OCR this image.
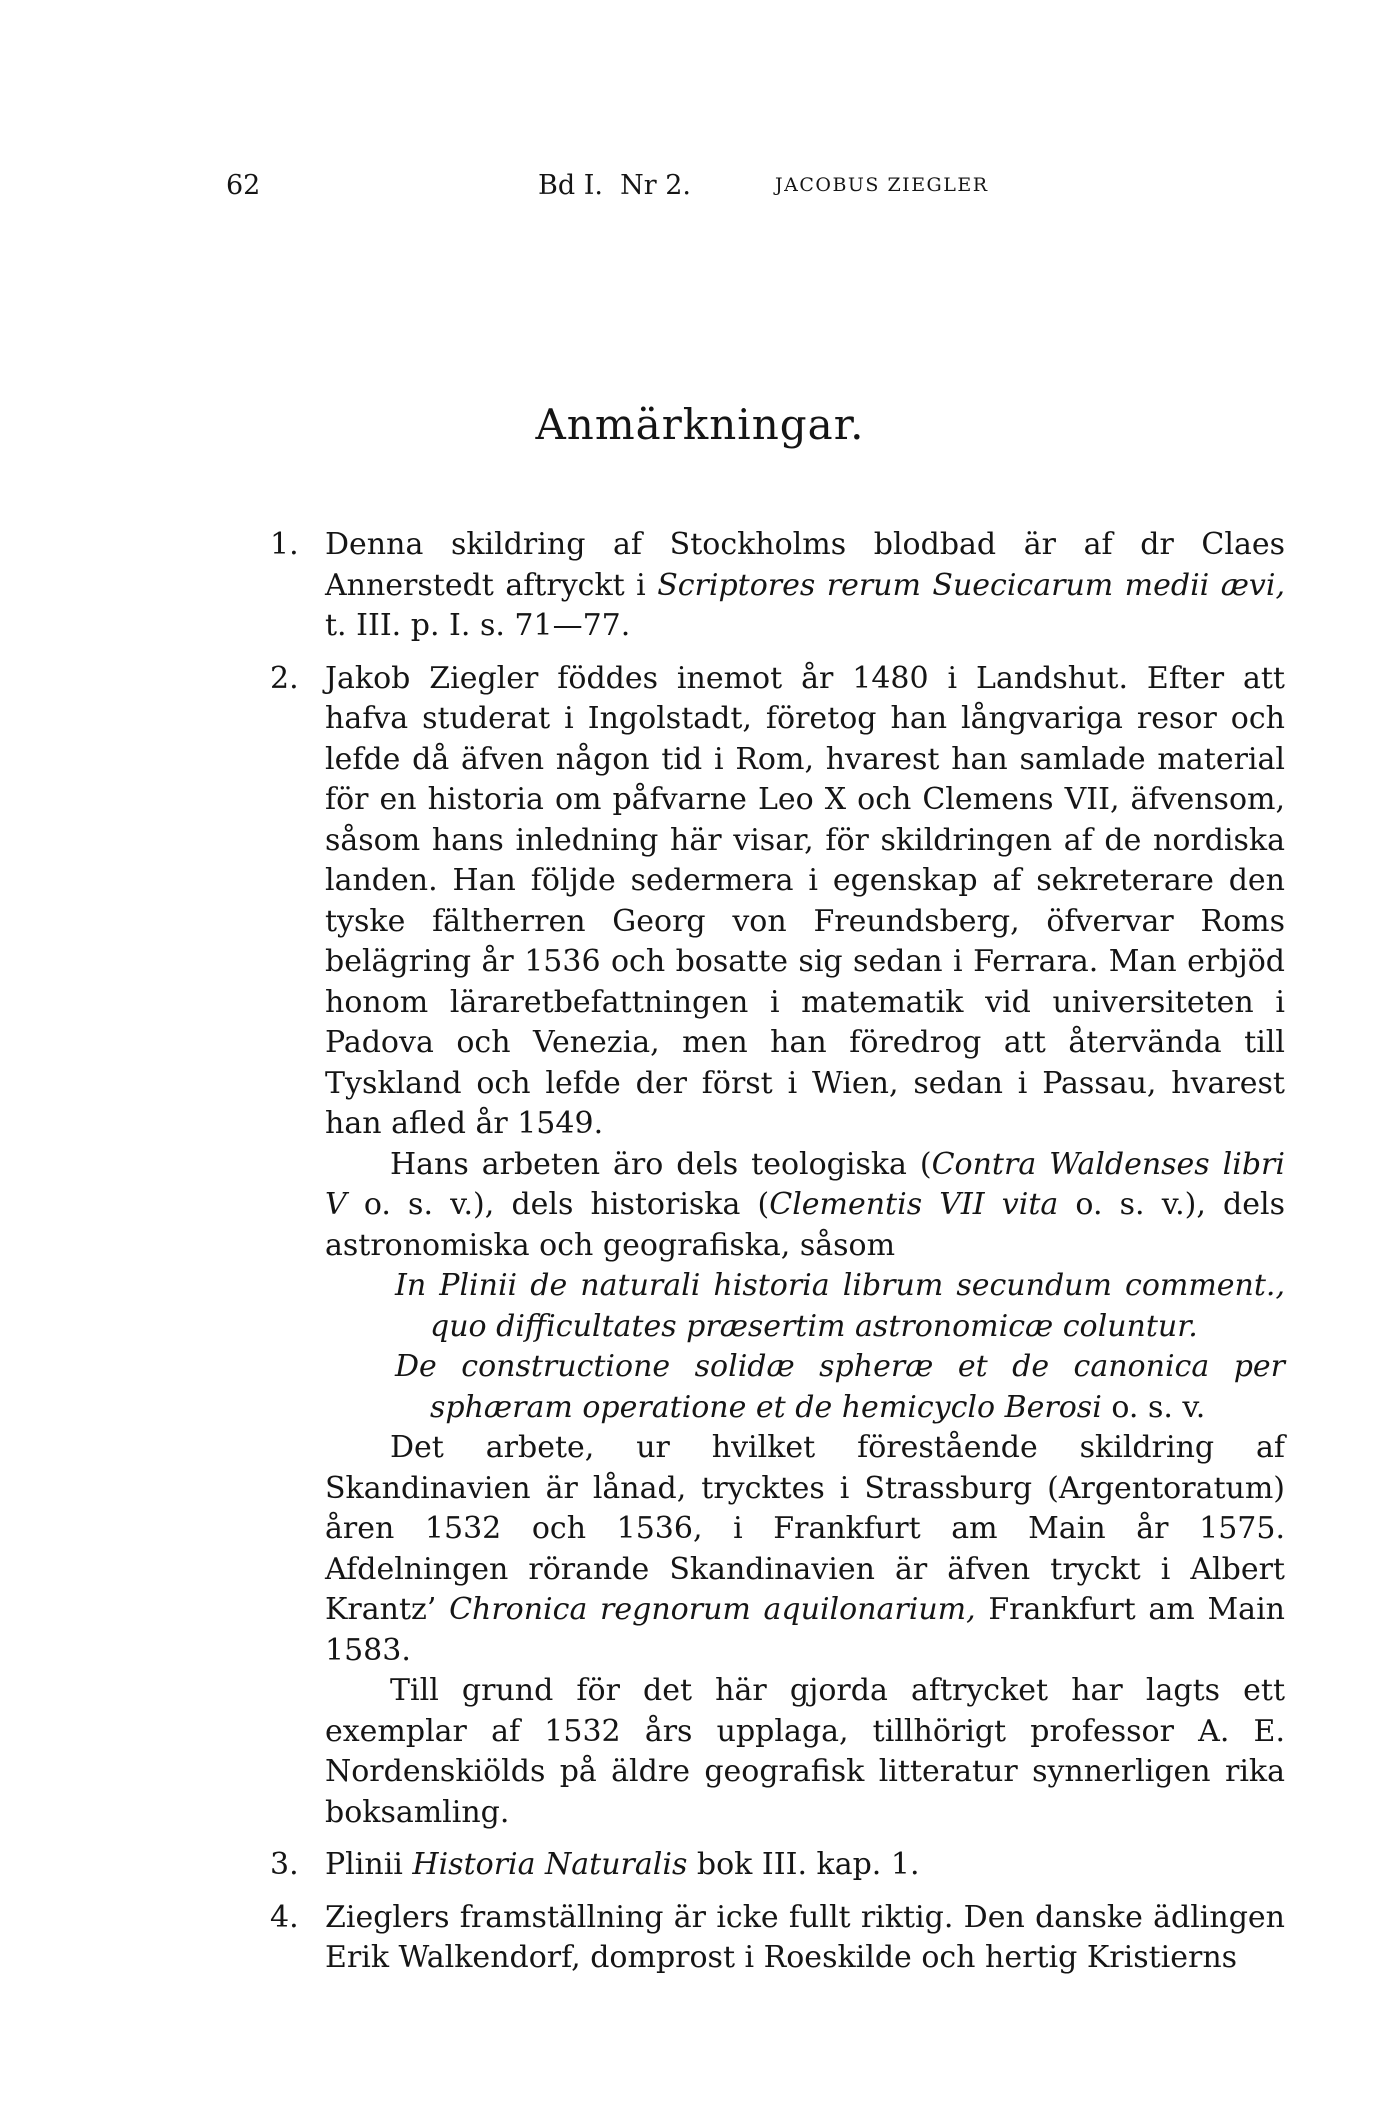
62	Bd I.  Nr 2.	JACOBUS ZIEGLER
Anmärkningar.
1. Denna skildring af Stockholms blodbad är af dr Claes Annerstedt aftryckt i Scriptores rerum Suecicarum medii ævi, t. III. p. I. s. 71—77.

2. Jakob Ziegler föddes inemot år 1480 i Landshut. Efter att hafva studerat i Ingolstadt, företog han långvariga resor och lefde då äfven någon tid i Rom, hvarest han samlade material för en historia om påfvarne Leo X och Clemens VII, äfvensom, såsom hans inledning här visar, för skildringen af de nordiska landen. Han följde sedermera i egenskap af sekreterare den tyske fältherren Georg von Freundsberg, öfvervar Roms belägring år 1536 och bosatte sig sedan i Ferrara. Man erbjöd honom läraretbefattningen i matematik vid universiteten i Padova och Venezia, men han föredrog att återvända till Tyskland och lefde der först i Wien, sedan i Passau, hvarest han afled år 1549.

Hans arbeten äro dels teologiska (Contra Waldenses libri V o. s. v.), dels historiska (Clementis VII vita o. s. v.), dels astronomiska och geografiska, såsom

In Plinii de naturali historia librum secundum comment., quo difficultates præsertim astronomicæ coluntur.

De constructione solidæ spheræ et de canonica per sphæram operatione et de hemicyclo Berosi o. s. v.

Det arbete, ur hvilket förestående skildring af Skandinavien är lånad, trycktes i Strassburg (Argentoratum) åren 1532 och 1536, i Frankfurt am Main år 1575. Afdelningen rörande Skandinavien är äfven tryckt i Albert Krantz’ Chronica regnorum aquilonarium, Frankfurt am Main 1583.

Till grund för det här gjorda aftrycket har lagts ett exemplar af 1532 års upplaga, tillhörigt professor A. E. Nordenskiölds på äldre geografisk litteratur synnerligen rika boksamling.

3. Plinii Historia Naturalis bok III. kap. 1.

4. Zieglers framställning är icke fullt riktig. Den danske ädlingen Erik Walkendorf, domprost i Roeskilde och hertig Kristierns
